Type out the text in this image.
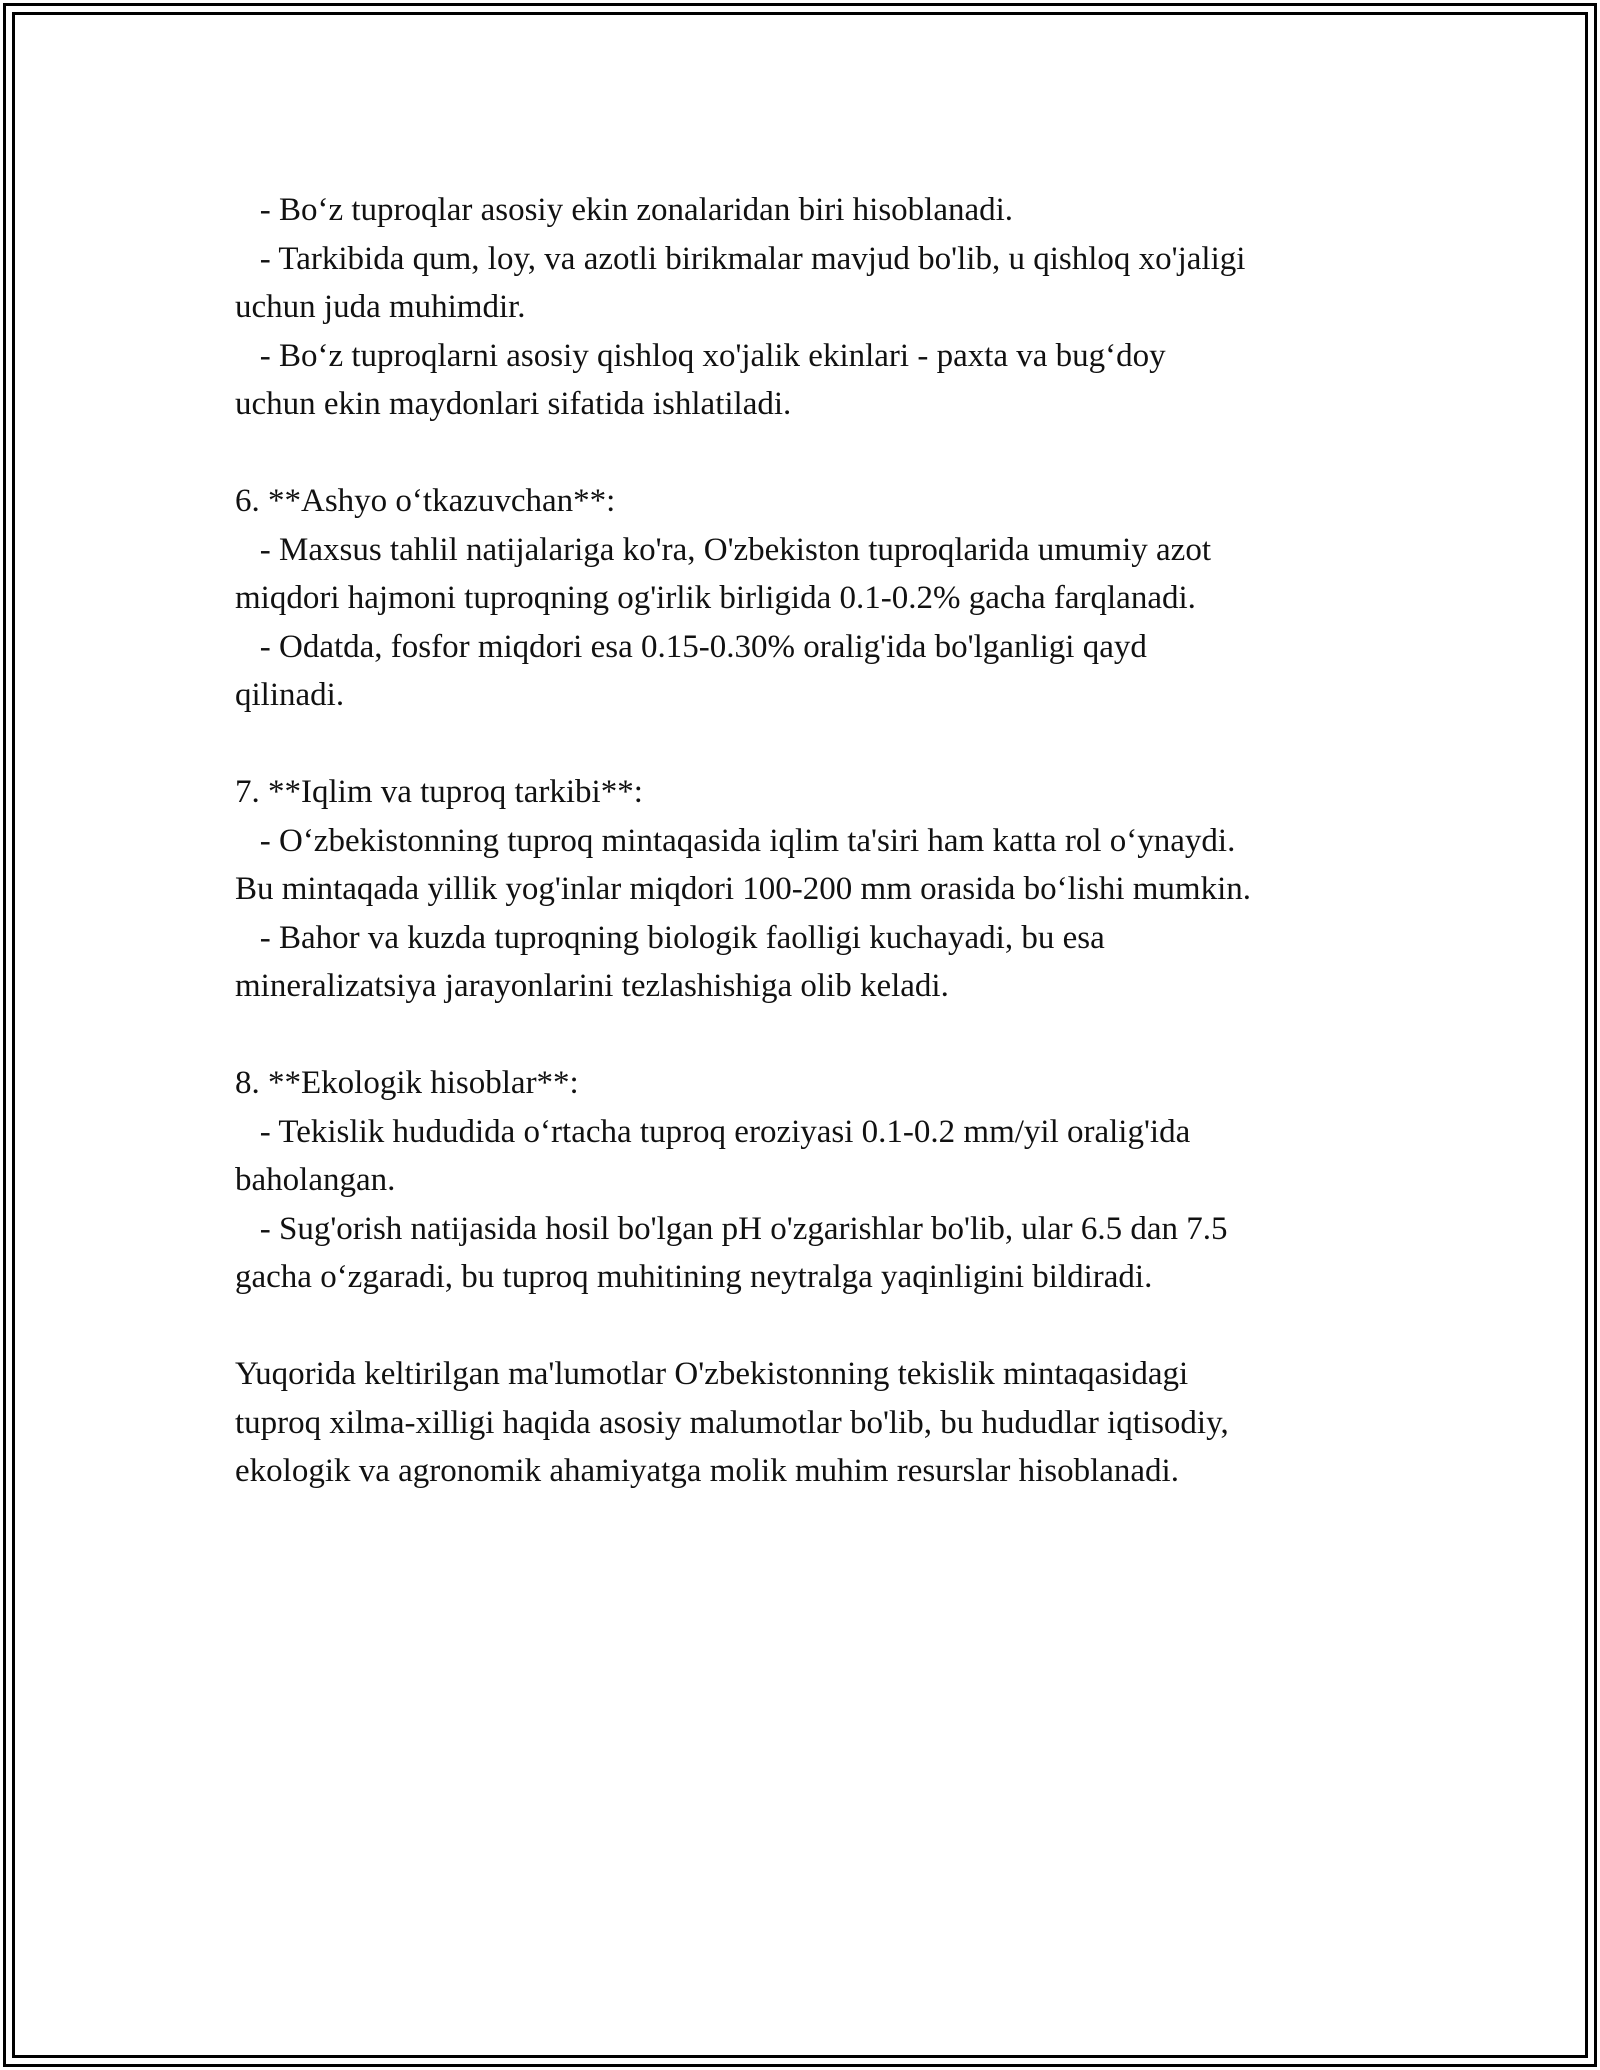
- Bo‘z tuproqlar asosiy ekin zonalaridan biri hisoblanadi.
- Tarkibida qum, loy, va azotli birikmalar mavjud bo'lib, u qishloq xo'jaligi
uchun juda muhimdir.
- Bo‘z tuproqlarni asosiy qishloq xo'jalik ekinlari - paxta va bug‘doy
uchun ekin maydonlari sifatida ishlatiladi.
6. **Ashyo o‘tkazuvchan**:
- Maxsus tahlil natijalariga ko'ra, O'zbekiston tuproqlarida umumiy azot
miqdori hajmoni tuproqning og'irlik birligida 0.1-0.2% gacha farqlanadi.
- Odatda, fosfor miqdori esa 0.15-0.30% oralig'ida bo'lganligi qayd
qilinadi.
7. **Iqlim va tuproq tarkibi**:
- O‘zbekistonning tuproq mintaqasida iqlim ta'siri ham katta rol o‘ynaydi.
Bu mintaqada yillik yog'inlar miqdori 100-200 mm orasida bo‘lishi mumkin.
- Bahor va kuzda tuproqning biologik faolligi kuchayadi, bu esa
mineralizatsiya jarayonlarini tezlashishiga olib keladi.
8. **Ekologik hisoblar**:
- Tekislik hududida o‘rtacha tuproq eroziyasi 0.1-0.2 mm/yil oralig'ida
baholangan.
- Sug'orish natijasida hosil bo'lgan pH o'zgarishlar bo'lib, ular 6.5 dan 7.5
gacha o‘zgaradi, bu tuproq muhitining neytralga yaqinligini bildiradi.
Yuqorida keltirilgan ma'lumotlar O'zbekistonning tekislik mintaqasidagi
tuproq xilma-xilligi haqida asosiy malumotlar bo'lib, bu hududlar iqtisodiy,
ekologik va agronomik ahamiyatga molik muhim resurslar hisoblanadi.
